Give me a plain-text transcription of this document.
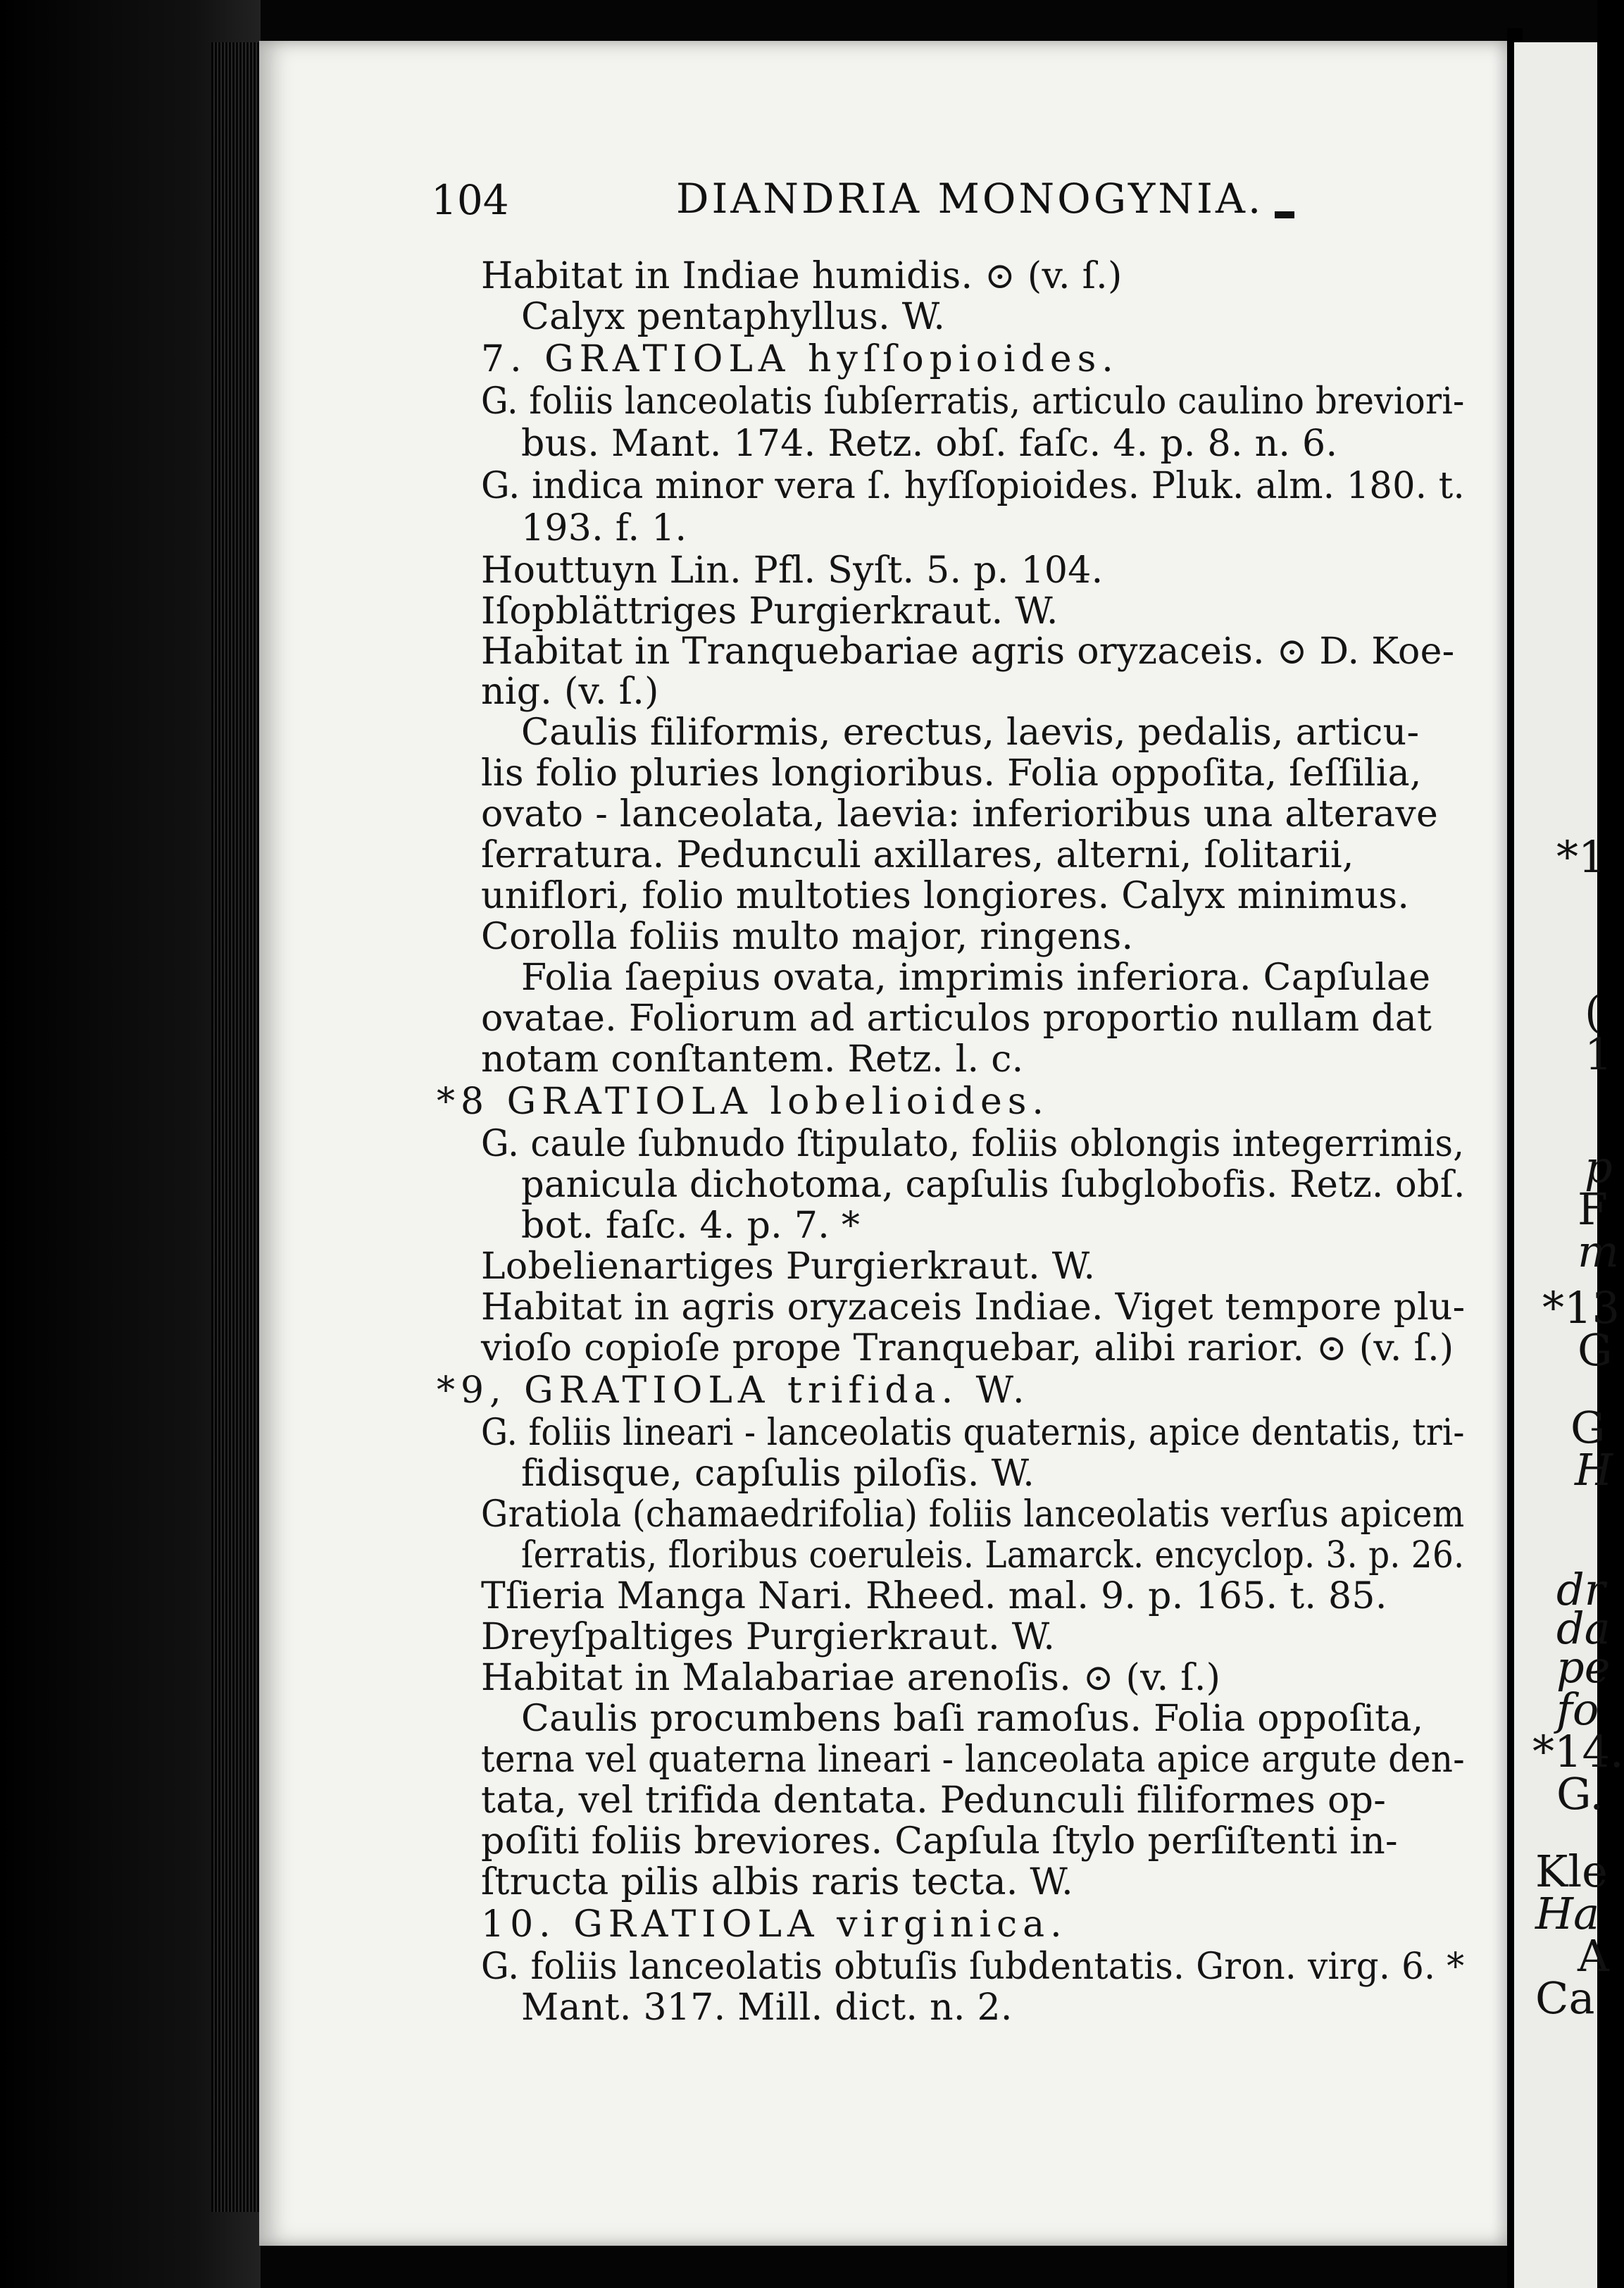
104	DIANDRIA MONOGYNIA.
Habitat in Indiae humidis. ⊙ (v. ſ.)
Calyx pentaphyllus. W.
7. GRATIOLA hyſſopioides.
G. foliis lanceolatis ſubſerratis, articulo caulino breviori-
bus. Mant. 174. Retz. obſ. faſc. 4. p. 8. n. 6.
G. indica minor vera ſ. hyſſopioides. Pluk. alm. 180. t.
193. f. 1.
Houttuyn Lin. Pfl. Syſt. 5. p. 104.
Iſopblättriges Purgierkraut. W.
Habitat in Tranquebariae agris oryzaceis. ⊙ D. Koe-
nig. (v. ſ.)
Caulis filiformis, erectus, laevis, pedalis, articu-
lis folio pluries longioribus. Folia oppoſita, ſeſſilia,
ovato - lanceolata, laevia: inferioribus una alterave
ſerratura. Pedunculi axillares, alterni, ſolitarii,
uniflori, folio multoties longiores. Calyx minimus.
Corolla foliis multo major, ringens.
Folia ſaepius ovata, imprimis inferiora. Capſulae
ovatae. Foliorum ad articulos proportio nullam dat
notam conſtantem. Retz. l. c.
*8 GRATIOLA lobelioides.
G. caule ſubnudo ſtipulato, foliis oblongis integerrimis,
panicula dichotoma, capſulis ſubglobofis. Retz. obſ.
bot. faſc. 4. p. 7. *
Lobelienartiges Purgierkraut. W.
Habitat in agris oryzaceis Indiae. Viget tempore plu-
vioſo copioſe prope Tranquebar, alibi rarior. ⊙ (v. ſ.)
*9, GRATIOLA trifida. W.
G. foliis lineari - lanceolatis quaternis, apice dentatis, tri-
fidisque, capſulis piloſis. W.
Gratiola (chamaedrifolia) foliis lanceolatis verſus apicem
ſerratis, floribus coeruleis. Lamarck. encyclop. 3. p. 26.
Tſieria Manga Nari. Rheed. mal. 9. p. 165. t. 85.
Dreyſpaltiges Purgierkraut. W.
Habitat in Malabariae arenoſis. ⊙ (v. ſ.)
Caulis procumbens baſi ramoſus. Folia oppoſita,
terna vel quaterna lineari - lanceolata apice argute den-
tata, vel trifida dentata. Pedunculi filiformes op-
poſiti foliis breviores. Capſula ſtylo perſiſtenti in-
ſtructa pilis albis raris tecta. W.
10. GRATIOLA virginica.
G. foliis lanceolatis obtuſis ſubdentatis. Gron. virg. 6. *
Mant. 317. Mill. dict. n. 2.
*1
(
1
p
F
m
*13
G
G
H
dr
da
pe
fo
*14.
G.
Kle
Ha
A
Ca
